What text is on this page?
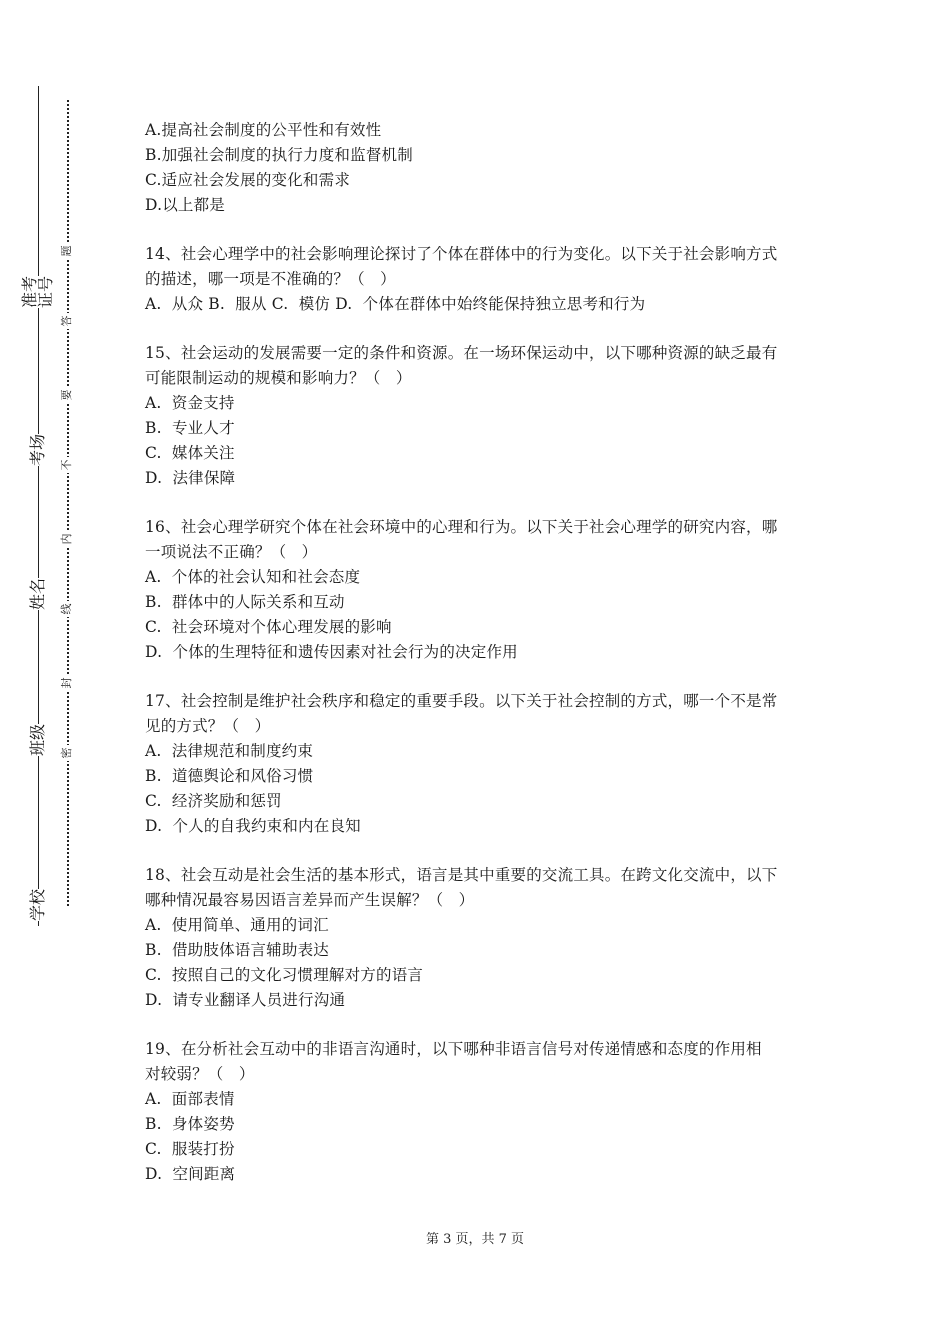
准考证号
考场
姓名
班级
学校
题
答
要
不
内
线
封
密
A.提高社会制度的公平性和有效性
B.加强社会制度的执行力度和监督机制
C.适应社会发展的变化和需求
D.以上都是
14、社会心理学中的社会影响理论探讨了个体在群体中的行为变化。以下关于社会影响方式
的描述，哪一项是不准确的？（   ）
A.  从众 B.  服从 C.  模仿 D.  个体在群体中始终能保持独立思考和行为
15、社会运动的发展需要一定的条件和资源。在一场环保运动中，以下哪种资源的缺乏最有
可能限制运动的规模和影响力？（   ）
A.  资金支持
B.  专业人才
C.  媒体关注
D.  法律保障
16、社会心理学研究个体在社会环境中的心理和行为。以下关于社会心理学的研究内容，哪
一项说法不正确？（   ）
A.  个体的社会认知和社会态度
B.  群体中的人际关系和互动
C.  社会环境对个体心理发展的影响
D.  个体的生理特征和遗传因素对社会行为的决定作用
17、社会控制是维护社会秩序和稳定的重要手段。以下关于社会控制的方式，哪一个不是常
见的方式？（   ）
A.  法律规范和制度约束
B.  道德舆论和风俗习惯
C.  经济奖励和惩罚
D.  个人的自我约束和内在良知
18、社会互动是社会生活的基本形式，语言是其中重要的交流工具。在跨文化交流中，以下
哪种情况最容易因语言差异而产生误解？（   ）
A.  使用简单、通用的词汇
B.  借助肢体语言辅助表达
C.  按照自己的文化习惯理解对方的语言
D.  请专业翻译人员进行沟通
19、在分析社会互动中的非语言沟通时，以下哪种非语言信号对传递情感和态度的作用相
对较弱？（   ）
A.  面部表情
B.  身体姿势
C.  服装打扮
D.  空间距离
第 3 页，共 7 页
